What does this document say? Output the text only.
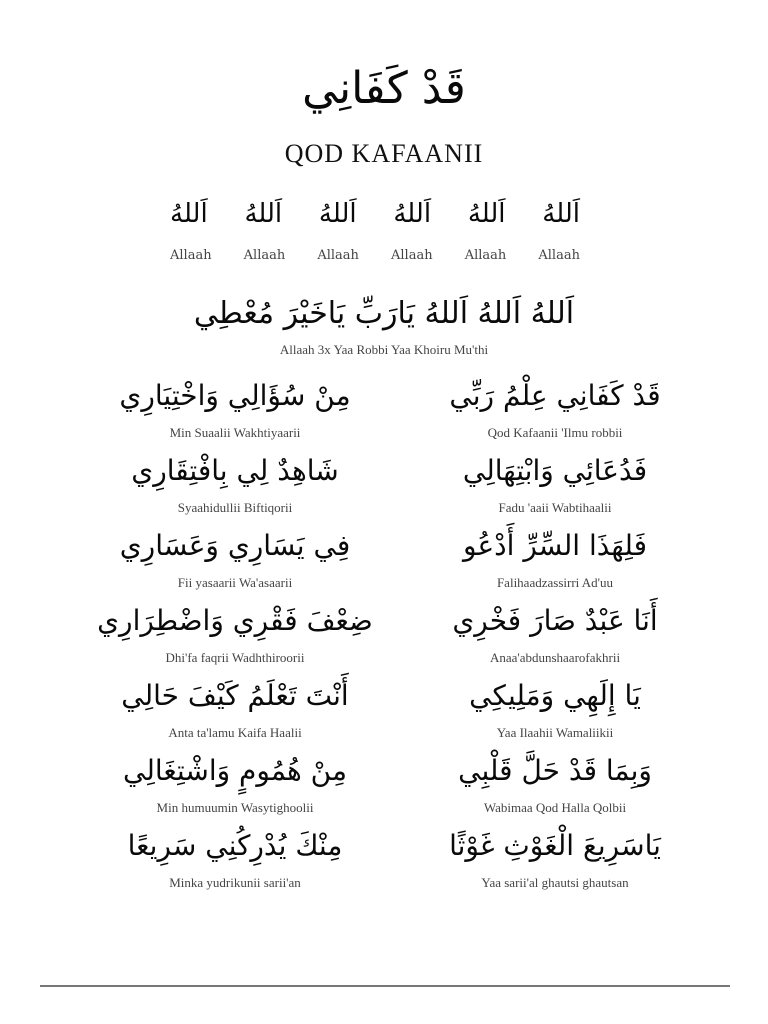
قَدْ كَفَانِي
QOD KAFAANII
اَللهُ
اَللهُ
اَللهُ
اَللهُ
اَللهُ
اَللهُ
Allaah Allaah Allaah Allaah Allaah Allaah
اَللهُ اَللهُ اَللهُ يَارَبِّ يَاخَيْرَ مُعْطِي
Allaah 3x Yaa Robbi Yaa Khoiru Mu'thi
قَدْ كَفَانِي عِلْمُ رَبِّي
Qod Kafaanii 'Ilmu robbii
مِنْ سُؤَالِي وَاخْتِيَارِي
Min Suaalii Wakhtiyaarii
فَدُعَائِي وَابْتِهَالِي
Fadu 'aaii Wabtihaalii
شَاهِدٌ لِي بِافْتِقَارِي
Syaahidullii Biftiqorii
فَلِهَذَا السِّرِّ أَدْعُو
Falihaadzassirri Ad'uu
فِي يَسَارِي وَعَسَارِي
Fii yasaarii Wa'asaarii
أَنَا عَبْدٌ صَارَ فَخْرِي
Anaa'abdunshaarofakhrii
ضِعْفَ فَقْرِي وَاضْطِرَارِي
Dhi'fa faqrii Wadhthiroorii
يَا إِلَهِي وَمَلِيكِي
Yaa Ilaahii Wamaliikii
أَنْتَ تَعْلَمُ كَيْفَ حَالِي
Anta ta'lamu Kaifa Haalii
وَبِمَا قَدْ حَلَّ قَلْبِي
Wabimaa Qod Halla Qolbii
مِنْ هُمُومٍ وَاشْتِغَالِي
Min humuumin Wasytighoolii
يَاسَرِيعَ الْغَوْثِ غَوْثًا
Yaa sarii'al ghautsi ghautsan
مِنْكَ يُدْرِكُنِي سَرِيعًا
Minka yudrikunii sarii'an
